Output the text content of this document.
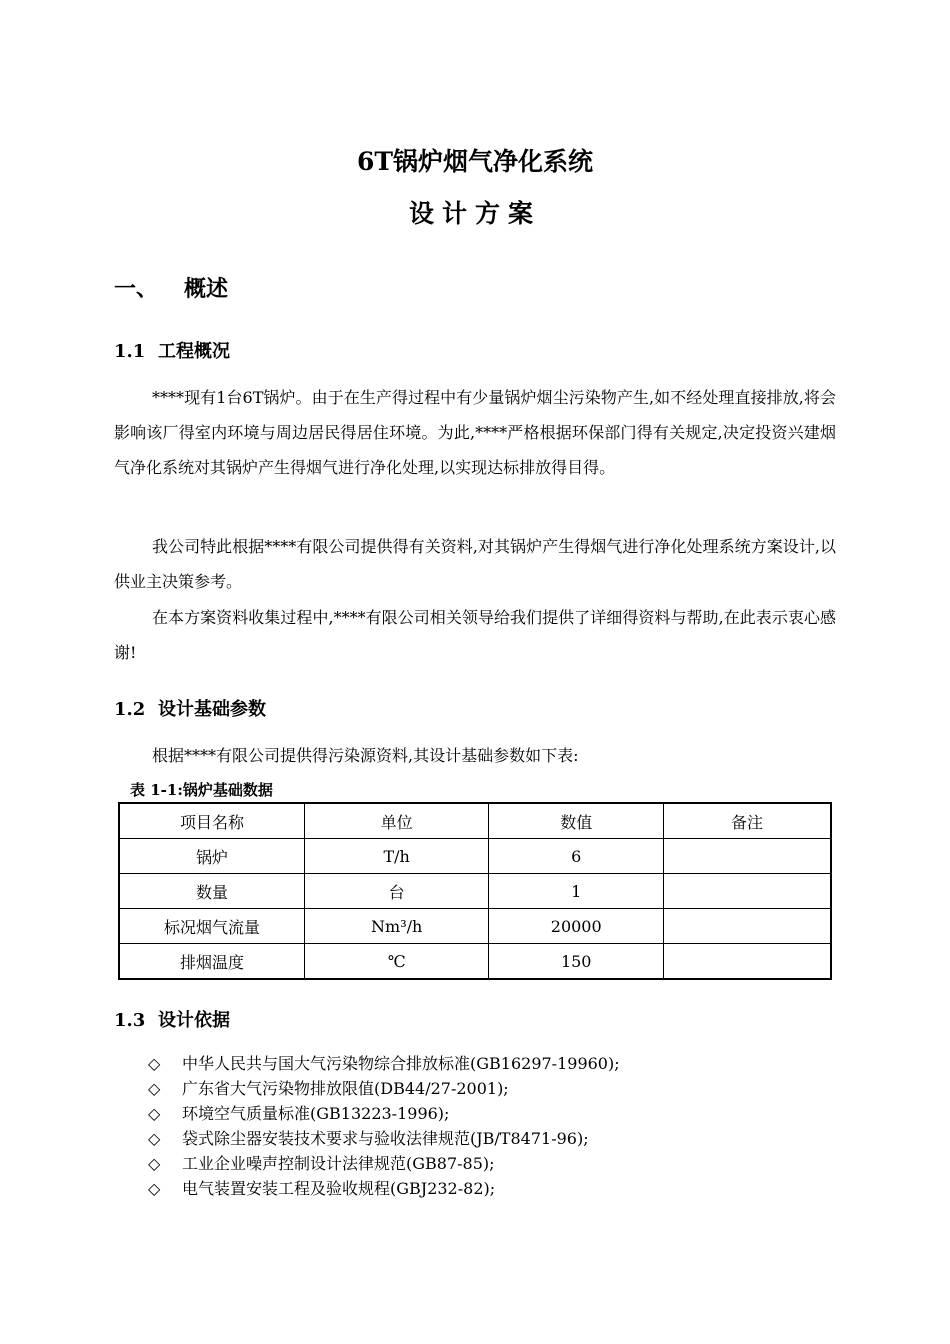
6T锅炉烟气净化系统
设计方案
一、 概述
1.1 工程概况

****现有1台6T锅炉。由于在生产得过程中有少量锅炉烟尘污染物产生,如不经处理直接排放,将会影响该厂得室内环境与周边居民得居住环境。为此,****严格根据环保部门得有关规定,决定投资兴建烟气净化系统对其锅炉产生得烟气进行净化处理,以实现达标排放得目得。

我公司特此根据****有限公司提供得有关资料,对其锅炉产生得烟气进行净化处理系统方案设计,以供业主决策参考。

在本方案资料收集过程中,****有限公司相关领导给我们提供了详细得资料与帮助,在此表示衷心感谢!

1.2 设计基础参数

根据****有限公司提供得污染源资料,其设计基础参数如下表:

表 1-1:锅炉基础数据
项目名称	单位	数值	备注
锅炉	T/h	6	
数量	台	1	
标况烟气流量	Nm³/h	20000	
排烟温度	℃	150	
1.3 设计依据
◇ 中华人民共与国大气污染物综合排放标准(GB16297-19960);
◇ 广东省大气污染物排放限值(DB44/27-2001);
◇ 环境空气质量标准(GB13223-1996);
◇ 袋式除尘器安装技术要求与验收法律规范(JB/T8471-96);
◇ 工业企业噪声控制设计法律规范(GB87-85);
◇ 电气装置安装工程及验收规程(GBJ232-82);
